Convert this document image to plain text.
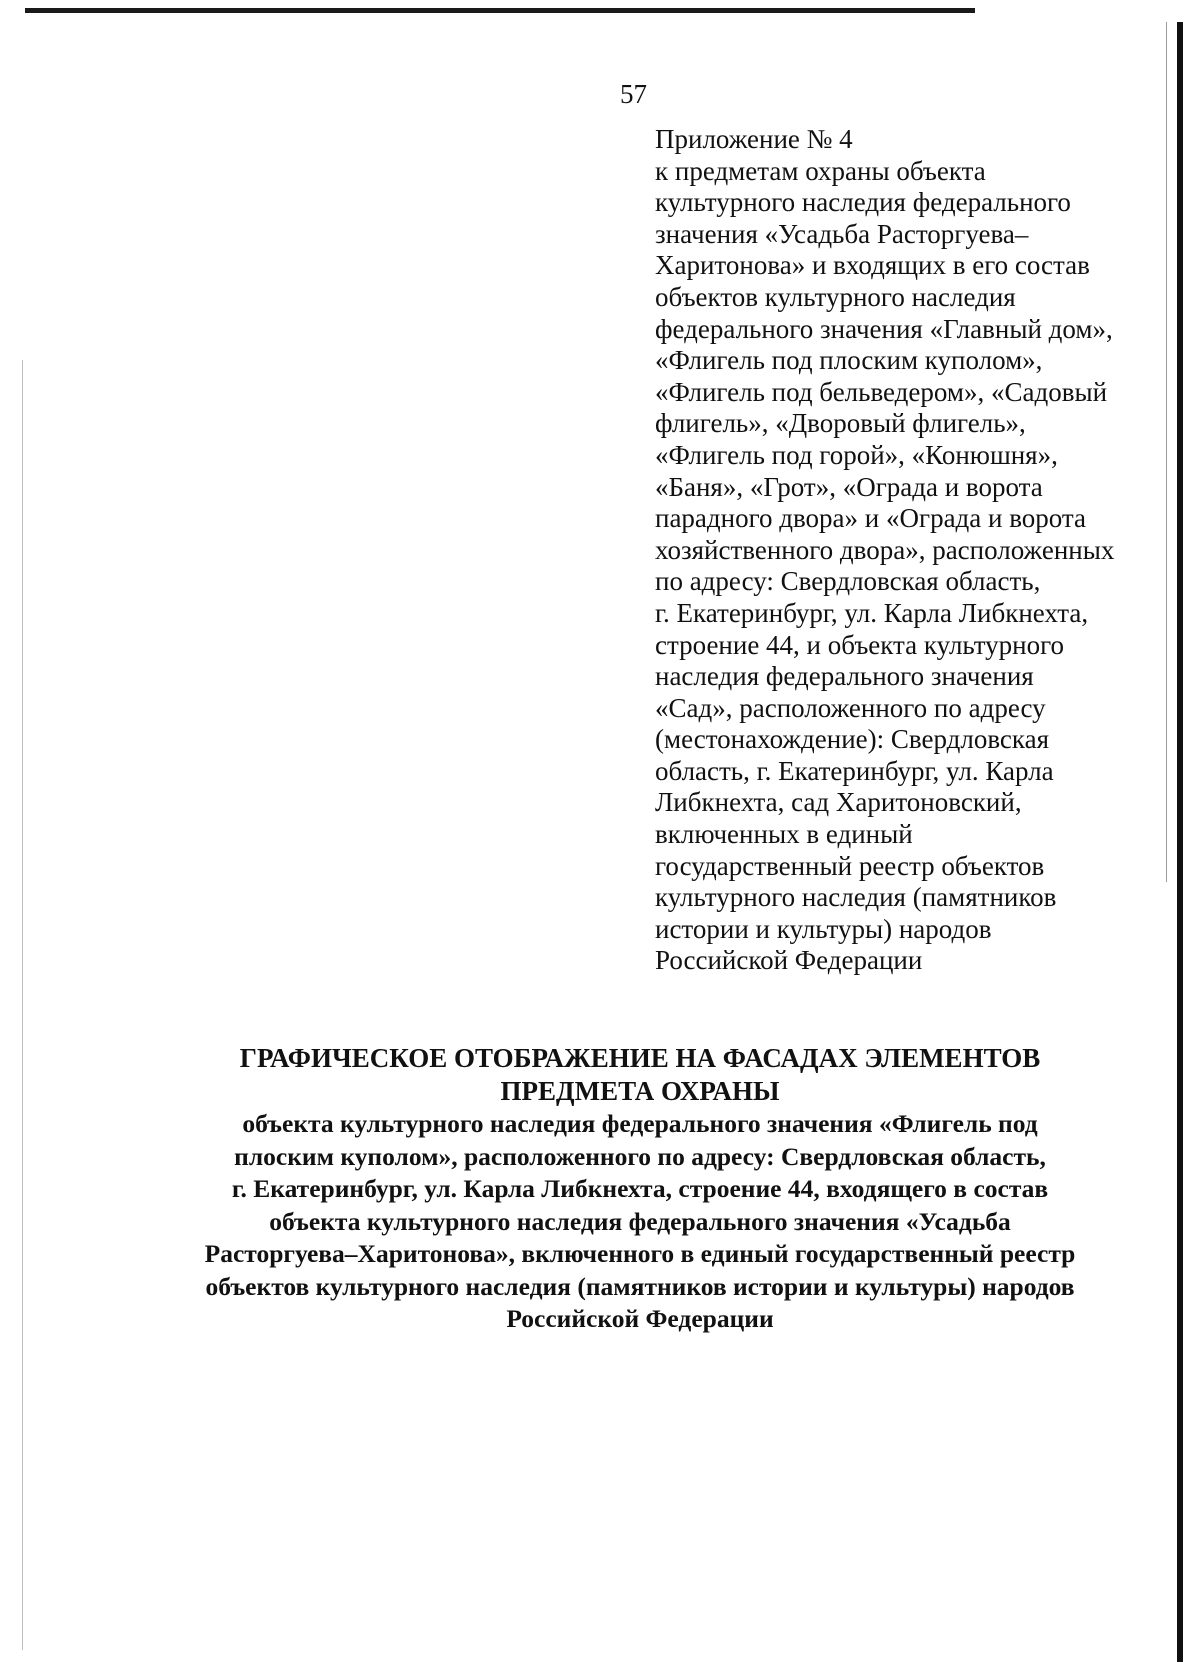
57
Приложение № 4
к предметам охраны объекта
культурного наследия федерального
значения «Усадьба Расторгуева–
Харитонова» и входящих в его состав
объектов культурного наследия
федерального значения «Главный дом»,
«Флигель под плоским куполом»,
«Флигель под бельведером», «Садовый
флигель», «Дворовый флигель»,
«Флигель под горой», «Конюшня»,
«Баня», «Грот», «Ограда и ворота
парадного двора» и «Ограда и ворота
хозяйственного двора», расположенных
по адресу: Свердловская область,
г. Екатеринбург, ул. Карла Либкнехта,
строение 44, и объекта культурного
наследия федерального значения
«Сад», расположенного по адресу
(местонахождение): Свердловская
область, г. Екатеринбург, ул. Карла
Либкнехта, сад Харитоновский,
включенных в единый
государственный реестр объектов
культурного наследия (памятников
истории и культуры) народов
Российской Федерации
ГРАФИЧЕСКОЕ ОТОБРАЖЕНИЕ НА ФАСАДАХ ЭЛЕМЕНТОВ
ПРЕДМЕТА ОХРАНЫ
объекта культурного наследия федерального значения «Флигель под
плоским куполом», расположенного по адресу: Свердловская область,
г. Екатеринбург, ул. Карла Либкнехта, строение 44, входящего в состав
объекта культурного наследия федерального значения «Усадьба
Расторгуева–Харитонова», включенного в единый государственный реестр
объектов культурного наследия (памятников истории и культуры) народов
Российской Федерации
